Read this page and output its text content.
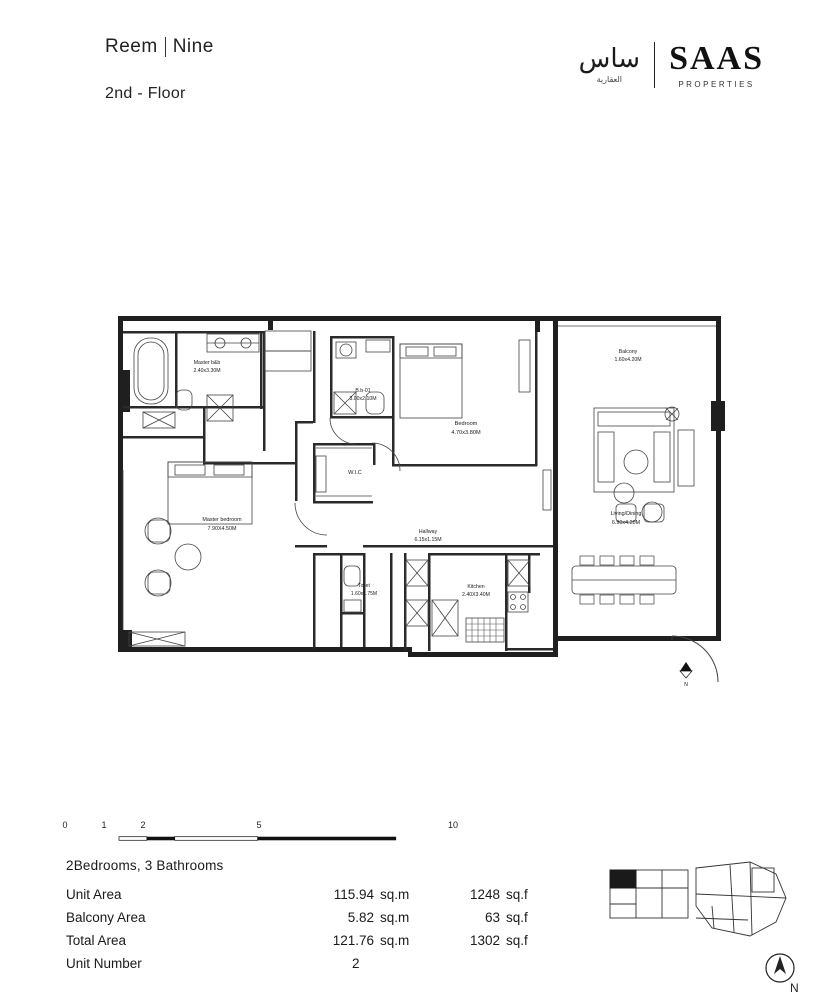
Reem Nine
2nd - Floor
ساس
العقارية
SAAS
PROPERTIES
Master b&b
2.40x3.30M
B.b-01
3.00x2.10M
Bedroom
4.70x3.80M
W.I.C
Master bedroom
7.90X4.50M	Hallway
6.15x1.15M
Toilet
1.60x1.75M
Kitchen
2.40X3.40M
Balcony
1.60x4.20M
Living/Dining
6.90x4.20M
N
0	1	2	5	10
2Bedrooms, 3 Bathrooms
Unit Area	115.94	sq.m	1248	sq.f
Balcony Area	5.82	sq.m	63	sq.f
Total Area	121.76	sq.m	1302	sq.f
Unit Number	2			
N
